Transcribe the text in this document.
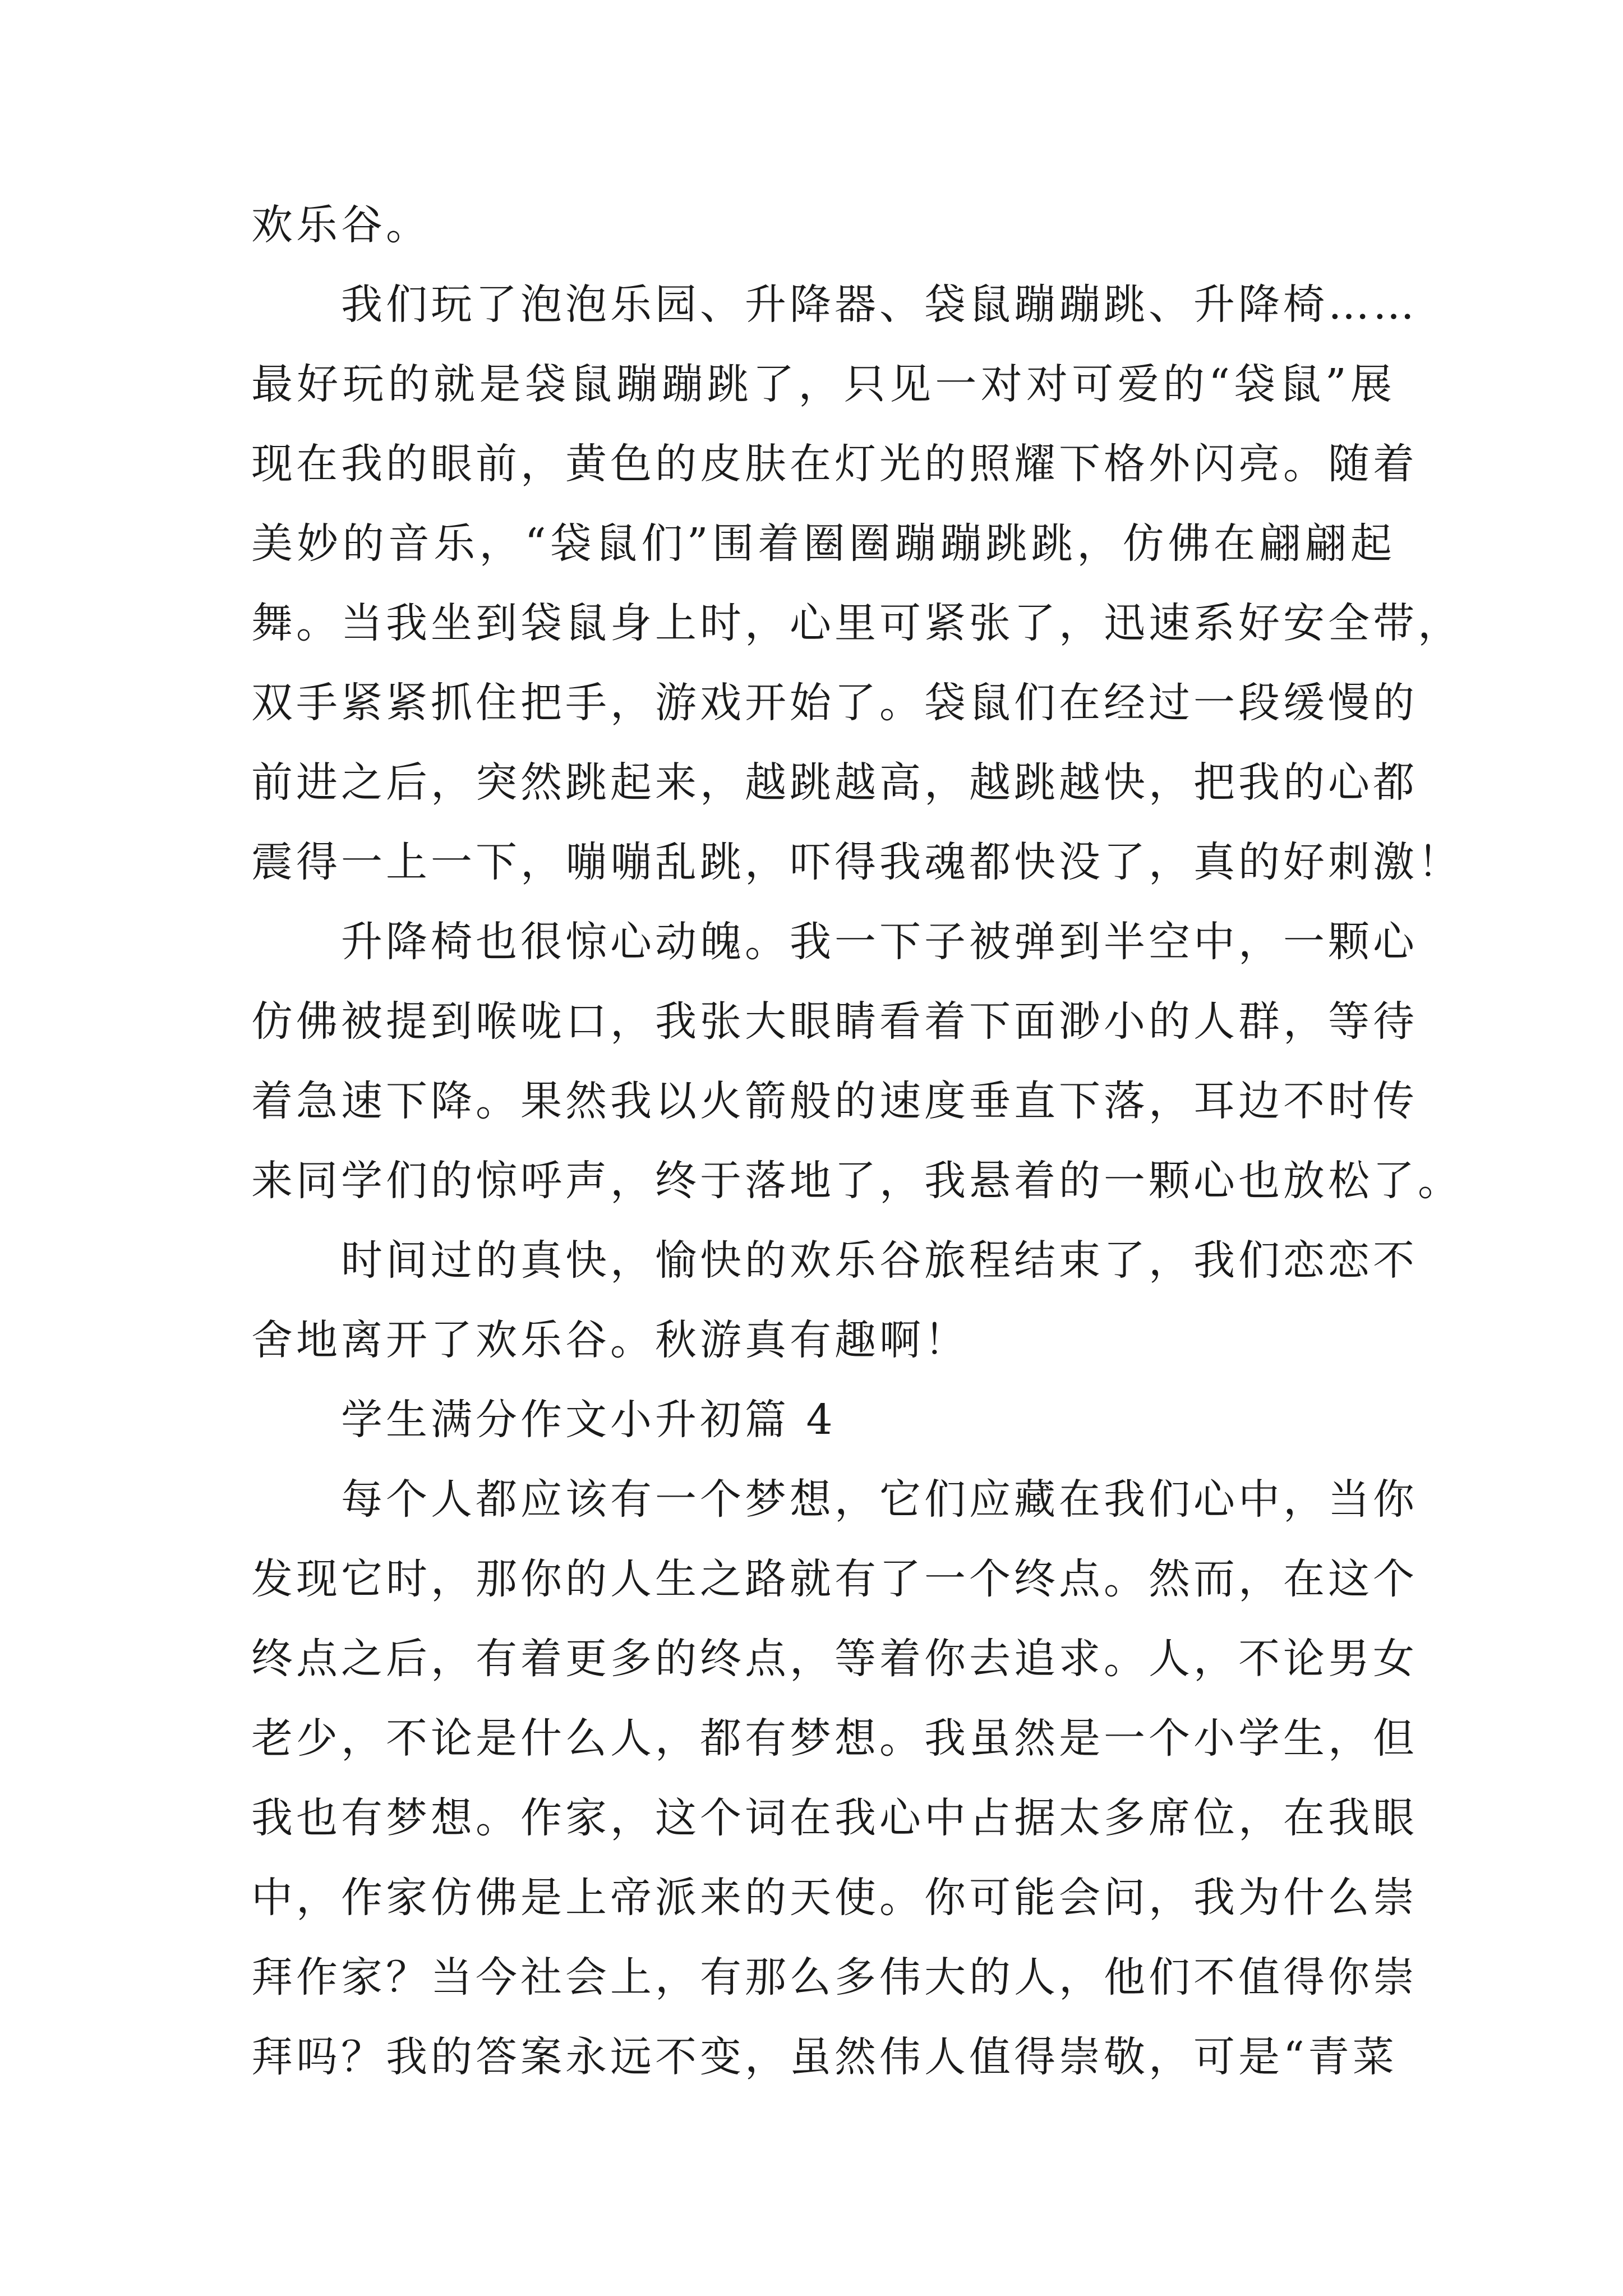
欢乐谷。
我们玩了泡泡乐园、升降器、袋鼠蹦蹦跳、升降椅……
最好玩的就是袋鼠蹦蹦跳了，只见一对对可爱的“袋鼠”展
现在我的眼前，黄色的皮肤在灯光的照耀下格外闪亮。随着
美妙的音乐，“袋鼠们”围着圈圈蹦蹦跳跳，仿佛在翩翩起
舞。当我坐到袋鼠身上时，心里可紧张了，迅速系好安全带，
双手紧紧抓住把手，游戏开始了。袋鼠们在经过一段缓慢的
前进之后，突然跳起来，越跳越高，越跳越快，把我的心都
震得一上一下，嘣嘣乱跳，吓得我魂都快没了，真的好刺激！
升降椅也很惊心动魄。我一下子被弹到半空中，一颗心
仿佛被提到喉咙口，我张大眼睛看着下面渺小的人群，等待
着急速下降。果然我以火箭般的速度垂直下落，耳边不时传
来同学们的惊呼声，终于落地了，我悬着的一颗心也放松了。
时间过的真快，愉快的欢乐谷旅程结束了，我们恋恋不
舍地离开了欢乐谷。秋游真有趣啊！
学生满分作文小升初篇 4
每个人都应该有一个梦想，它们应藏在我们心中，当你
发现它时，那你的人生之路就有了一个终点。然而，在这个
终点之后，有着更多的终点，等着你去追求。人，不论男女
老少，不论是什么人，都有梦想。我虽然是一个小学生，但
我也有梦想。作家，这个词在我心中占据太多席位，在我眼
中，作家仿佛是上帝派来的天使。你可能会问，我为什么崇
拜作家？当今社会上，有那么多伟大的人，他们不值得你崇
拜吗？我的答案永远不变，虽然伟人值得崇敬，可是“青菜
